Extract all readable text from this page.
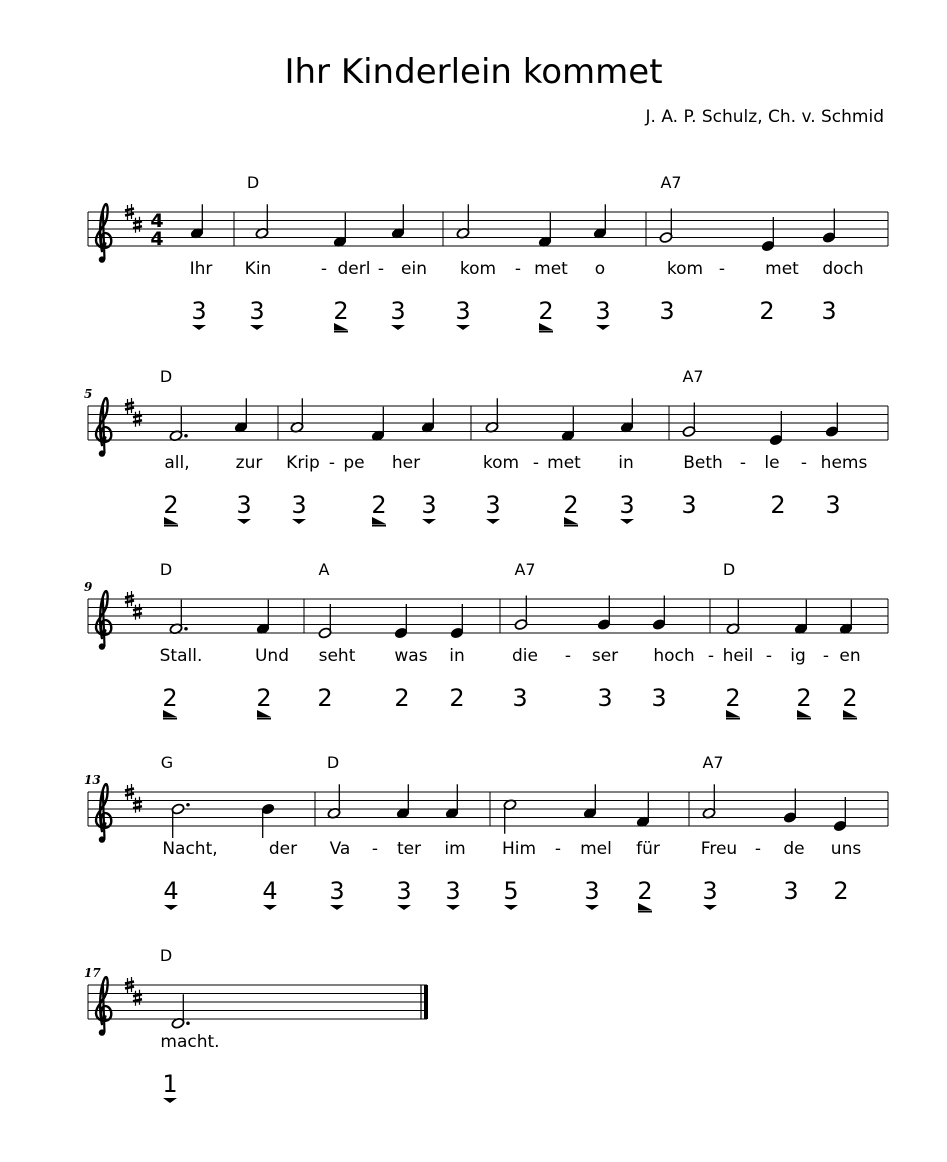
Ihr Kinderlein kommet
J. A. P. Schulz, Ch. v. Schmid
4
4
D	A7
Ihr Kin	- derl - ein kom - met o	kom - met doch
3 3	2 3 3	2 3 3	2 3
5
D	A7
all,	zur Krip - pe her	kom - met in	Beth - le - hems
2 3 3	2 3 3	2 3 3	2 3
9
D	A	A7	D
Stall.	Und seht was in	die - ser hoch - heil - ig - en
2	2 2	2 2 3	3 3 2 2 2
13
G	D	A7
Nacht,	der Va - ter im Him - mel für Freu - de uns
4	4 3 3 3 5	3 2 3	3 2
17
D
macht.
1
